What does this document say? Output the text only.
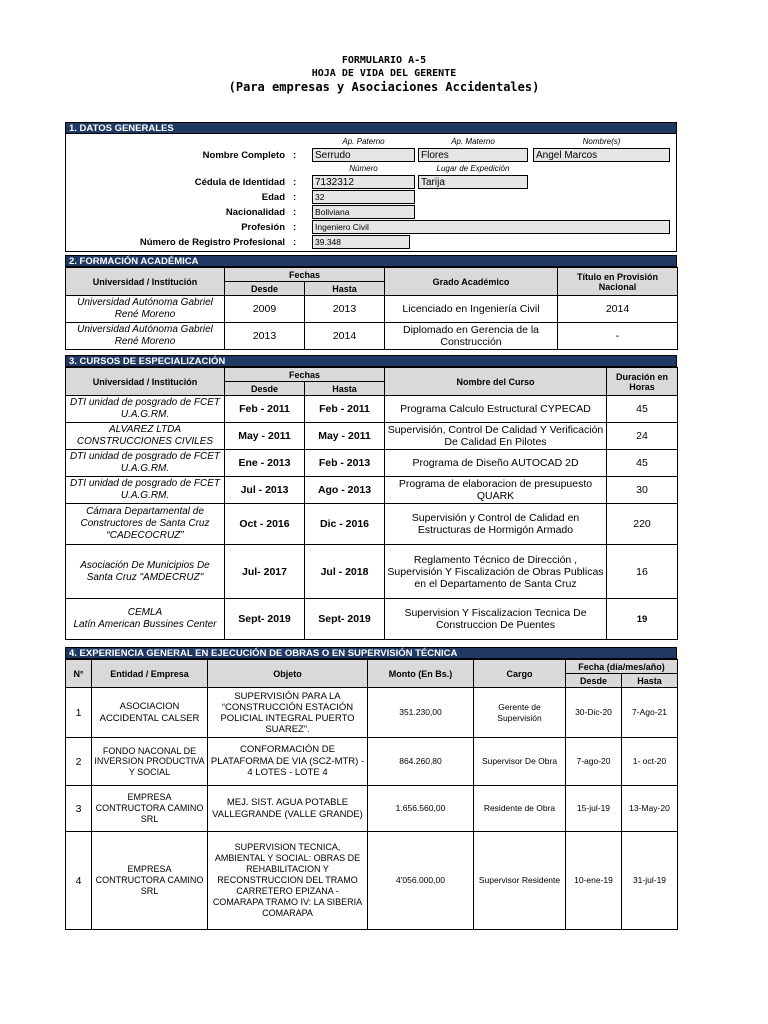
FORMULARIO A-5
HOJA DE VIDA DEL GERENTE
(Para empresas y Asociaciones Accidentales)
1. DATOS GENERALES
Ap. Paterno	Ap. Materno	Nombre(s)
Nombre Completo :	Serrudo	Flores	Angel Marcos
Número	Lugar de Expedición
Cédula de Identidad :	7132312	Tarija
Edad :	32
Nacionalidad :	Boliviana
Profesión :	Ingeniero Civil
Número de Registro Profesional :	39.348
2. FORMACIÓN ACADÉMICA
Universidad / Institución	Fechas		Grado Académico	Título en Provisión Nacional
	Desde	Hasta		
Universidad Autónoma Gabriel René Moreno	2009	2013	Licenciado en Ingeniería Civil	2014
Universidad Autónoma Gabriel René Moreno	2013	2014	Diplomado en Gerencia de la Construcción	-
3. CURSOS DE ESPECIALIZACIÓN
Universidad / Institución	Fechas		Nombre del Curso	Duración en Horas
	Desde	Hasta		
DTI unidad de posgrado de FCET U.A.G.RM.	Feb - 2011	Feb - 2011	Programa Calculo Estructural CYPECAD	45
ALVAREZ LTDA CONSTRUCCIONES CIVILES	May - 2011	May - 2011	Supervisión, Control De Calidad Y Verificación De Calidad En Pilotes	24
DTI unidad de posgrado de FCET U.A.G.RM.	Ene - 2013	Feb - 2013	Programa de Diseño AUTOCAD 2D	45
DTI unidad de posgrado de FCET U.A.G.RM.	Jul - 2013	Ago - 2013	Programa de elaboracion de presupuesto QUARK	30
Cámara Departamental de Constructores de Santa Cruz “CADECOCRUZ”	Oct - 2016	Dic - 2016	Supervisión y Control de Calidad en Estructuras de Hormigón Armado	220
Asociación De Municipios De Santa Cruz "AMDECRUZ"	Jul- 2017	Jul - 2018	Reglamento Técnico de Dirección , Supervisión Y Fiscalización de Obras Publicas en el Departamento de Santa Cruz	16
CEMLA
Latín American Bussines Center	Sept- 2019	Sept- 2019	Supervision Y Fiscalizacion Tecnica De Construccion De Puentes	19
4. EXPERIENCIA GENERAL EN EJECUCIÓN DE OBRAS O EN SUPERVISIÓN TÉCNICA
N°	Entidad / Empresa	Objeto	Monto (En Bs.)	Cargo	Fecha (día/mes/año)	
					Desde	Hasta
1	ASOCIACION ACCIDENTAL CALSER	SUPERVISIÓN PARA LA “CONSTRUCCIÓN ESTACIÓN POLICIAL INTEGRAL PUERTO SUAREZ”.	351.230,00	Gerente de Supervisión	30-Dic-20	7-Ago-21
2	FONDO NACONAL DE INVERSION PRODUCTIVA Y SOCIAL	CONFORMACIÓN DE PLATAFORMA DE VIA (SCZ-MTR) - 4 LOTES - LOTE 4	864.260,80	Supervisor De Obra	7-ago-20	1- oct-20
3	EMPRESA CONTRUCTORA CAMINO SRL	MEJ. SIST. AGUA POTABLE VALLEGRANDE (VALLE GRANDE)	1.656.560,00	Residente de Obra	15-jul-19	13-May-20
4	EMPRESA CONTRUCTORA CAMINO SRL	SUPERVISION TECNICA, AMBIENTAL Y SOCIAL: OBRAS DE REHABILITACION Y RECONSTRUCCION DEL TRAMO CARRETERO EPIZANA - COMARAPA TRAMO IV: LA SIBERIA COMARAPA	4'056.000,00	Supervisor Residente	10-ene-19	31-jul-19
